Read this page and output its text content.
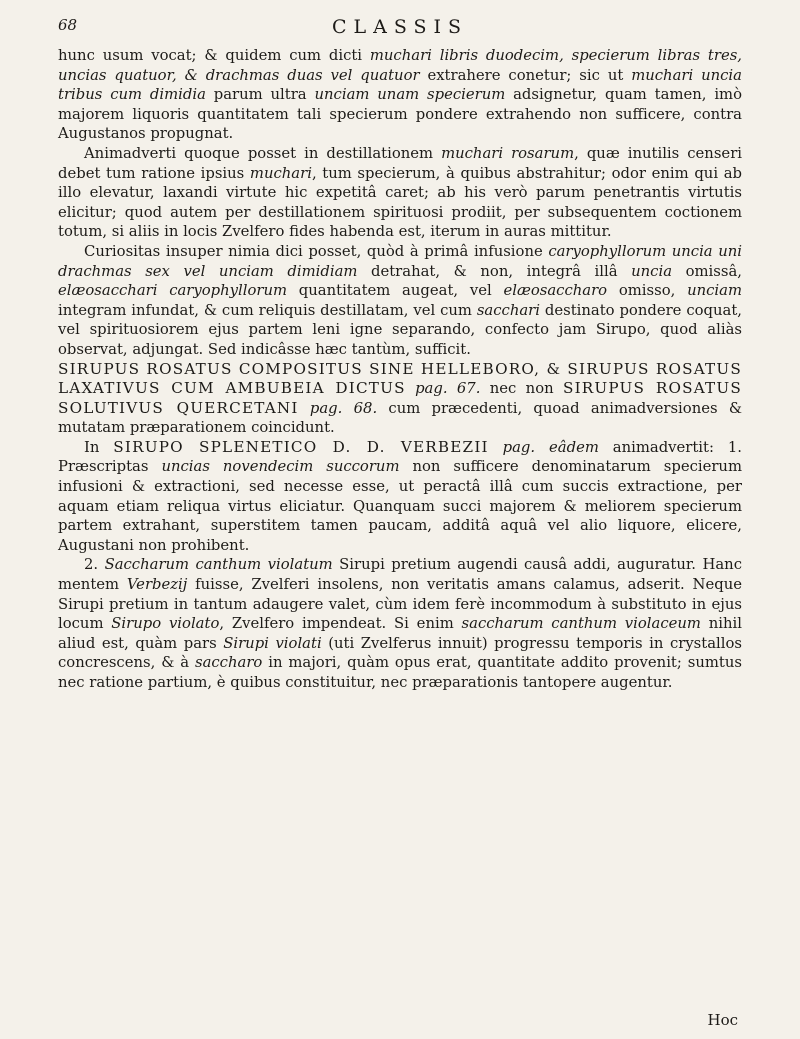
68	CLASSIS

hunc usum vocat; & quidem cum dicti muchari libris duodecim, specierum libras tres, uncias quatuor, & drachmas duas vel quatuor extrahere conetur; sic ut muchari uncia tribus cum dimidia parum ultra unciam unam specierum adsignetur, quam tamen, imò majorem liquoris quantitatem tali specierum pondere extrahendo non sufficere, contra Augustanos propugnat.

Animadverti quoque posset in destillationem muchari rosarum, quæ inutilis censeri debet tum ratione ipsius muchari, tum specierum, à quibus abstrahitur; odor enim qui ab illo elevatur, laxandi virtute hic expetitâ caret; ab his verò parum penetrantis virtutis elicitur; quod autem per destillationem spirituosi prodiit, per subsequentem coctionem totum, si aliis in locis Zvelfero fides habenda est, iterum in auras mittitur.

Curiositas insuper nimia dici posset, quòd à primâ infusione caryophyllorum uncia uni drachmas sex vel unciam dimidiam detrahat, & non, integrâ illâ uncia omissâ, elæosacchari caryophyllorum quantitatem augeat, vel elæosaccharo omisso, unciam integram infundat, & cum reliquis destillatam, vel cum sacchari destinato pondere coquat, vel spirituosiorem ejus partem leni igne separando, confecto jam Sirupo, quod aliàs observat, adjungat. Sed indicâsse hæc tantùm, sufficit.

SIRUPUS ROSATUS COMPOSITUS SINE HELLEBORO, & SIRUPUS ROSATUS LAXATIVUS CUM AMBUBEIA DICTUS pag. 67. nec non SIRUPUS ROSATUS SOLUTIVUS QUERCETANI pag. 68. cum præcedenti, quoad animadversiones & mutatam præparationem coincidunt.

In SIRUPO SPLENETICO D. D. VERBEZII pag. eâdem animadvertit: 1. Præscriptas uncias novendecim succorum non sufficere denominatarum specierum infusioni & extractioni, sed necesse esse, ut peractâ illâ cum succis extractione, per aquam etiam reliqua virtus eliciatur. Quanquam succi majorem & meliorem specierum partem extrahant, superstitem tamen paucam, additâ aquâ vel alio liquore, elicere, Augustani non prohibent.

2. Saccharum canthum violatum Sirupi pretium augendi causâ addi, auguratur. Hanc mentem Verbezij fuisse, Zvelferi insolens, non veritatis amans calamus, adserit. Neque Sirupi pretium in tantum adaugere valet, cùm idem ferè incommodum à substituto in ejus locum Sirupo violato, Zvelfero impendeat. Si enim saccharum canthum violaceum nihil aliud est, quàm pars Sirupi violati (uti Zvelferus innuit) progressu temporis in crystallos concrescens, & à saccharo in majori, quàm opus erat, quantitate addito provenit; sumtus nec ratione partium, è quibus constituitur, nec præparationis tantopere augentur.

Hoc
